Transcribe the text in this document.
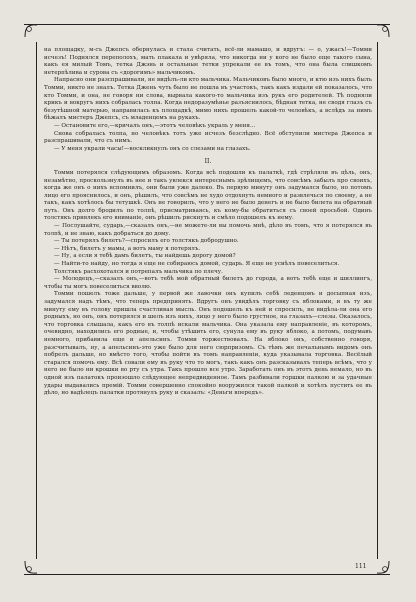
на площадку, м-съ Джепсъ обернулась и стала считать, всё-ли мамашо, и вдругъ: — о, ужасъ!—Томми исчезъ! Поднялся переполохъ, мать плакала и увѣряла, что никогда ни у кого не было еще такого сына, какъ ея милый Томъ, тетка Джэнь и остальные тетки упрекали ее въ томъ, что она была слишкомъ нетерпѣлива и сурова съ «дорогимъ» мальчикомъ.

Напрасно они разспрашивали, не видѣлъ-ли кто мальчика. Мальчиковъ было много, и ктю изъ нихъ былъ Томми, никто не зналъ. Тетка Джень чуть было не пошла въ участокъ, такъ какъ издали ей показалось, что кто Томми, и она, не говоря ни слова, вырвала какого-то мальчика изъ рукъ его родителей. Тѣ подняли крикъ и вокругъ нихъ собралась толпа. Когда недоразумѣнье разъяснилось, бѣдная тетка, не сводя глазъ съ безутѣшной матерью, направилась къ площадкѣ, мимо нихъ прошелъ какой-то человѣкъ, а вслѣдъ за нимъ бѣжалъ мистеръ Джепсъ, съ младенцемъ на рукахъ.

— Остановите его,—кричалъ онъ,—этотъ человѣкъ украль у меня...

Снова собралась толпа, но человѣкъ тотъ уже исчезъ безслѣдно. Всё обступили мистера Джепса и разспрашивали, что съ нимъ.

— У меня украли часы!—воскликнулъ онъ со слезами на глазахъ.

II.

Томми потерялся слѣдующимъ образомъ. Когда всѣ подошли къ палаткѣ, гдѣ стрѣляли въ цѣль, онъ, незамѣтно, проскользнулъ въ нее и такъ увлекся интереснымъ зрѣлищемъ, что совсѣмъ забылъ про своихъ, когда же онъ о нихъ вспомнилъ, они были уже далеко. Въ первую минуту онъ задумался было, но потомъ лицо его прояснилось, и онъ, рѣшилъ, что совсѣмъ не худо отдохнуть немного и развлечься по своему, а не такъ, какъ хотѣлось бы тетушкѣ. Онъ не говорилъ, что у него не было денегъ и не было билета на обратный путь. Онъ долго бродилъ по толпѣ, присматриваясь, къ кому-бы обратиться съ своей просьбой. Одинъ толстякъ привлекъ его вниманіе, онъ рѣшилъ рискнуть и смѣло подошелъ къ нему.

— Послушайте, сударь,—сказалъ онъ,—не можете-ли вы помочь мнѣ, дѣло въ томъ, что я потерялся въ толпѣ, и не знаю, какъ добраться до дому.

— Ты потерялъ билетъ?—спросилъ его толстякъ добродушно.

— Нѣтъ, билетъ у мамы, а вотъ маму я потерялъ.

— Ну, а если я тебѣ дамъ билетъ, ты найдешь дорогу домой?

— Найти-то найду, но тогда я еще не собираюсь домой, сударь. Я еще не усиѣлъ повеселиться.

Толстякъ расхохотался и потрепалъ мальчика по плечу.

— Молодецъ,—сказалъ онъ,—вотъ тебѣ мой обратный билетъ до города, а вотъ тебѣ еще и шиллингъ, чтобы ты могъ повеселиться вволю.

Томми пошелъ тоже дальше, у первой же лавочки онъ купилъ себѣ леденцовъ и досыпная изъ, задумался надъ тѣмъ, что теперь предпринять. Вдругъ онъ увидѣлъ торговку съ яблоками, и въ ту же минуту ему въ голову пришла счастливая мысль. Онъ подошелъ къ ней и спросилъ, не видѣла-ли она его родныхъ, но онъ, онъ потерялся и шелъ изъ нихъ, лицо у него было грустное, на глазахъ—слезы. Оказалось, что торговка слышала, какъ его въ толпѣ искали мальчика. Она указала ему направленіе, въ которомъ, очевидно, находились его родные, и, чтобы утѣшить его, сунула ему въ руку яблоко, а потомъ, подумавъ немного, прибавила еще и апельсинъ. Томми торжествовалъ. На яблоко онъ, собственно говоря, разсчитывалъ, ну, а апельсинъ-это уже было для него сюрпризомъ. Съ тѣмъ же печальнымъ видомъ онъ побрелъ дальше, но вмѣсто того, чтобы пойти въ томъ направленіи, куда указывала торговка. Весёлый старался помочь ему. Всѣ совали ему въ руку что то могъ, такъ какъ онъ разсказывалъ теперь всѣмъ, что у него не было ни крошки во рту съ утра. Такъ прошло все утро. Заработать онъ въ этотъ день немало, но въ одной изъ палатокъ произошло слѣдующее непредвиденное. Тамъ разбивали горшки палкою и за удачные удары выдавались премій. Томми совершенно спокойно вооружился такой палкой и хотѣлъ пустить ее въ дѣло, но вадѣлецъ палатки протянулъ руку и сказалъ: «Деньги впередъ».

111
